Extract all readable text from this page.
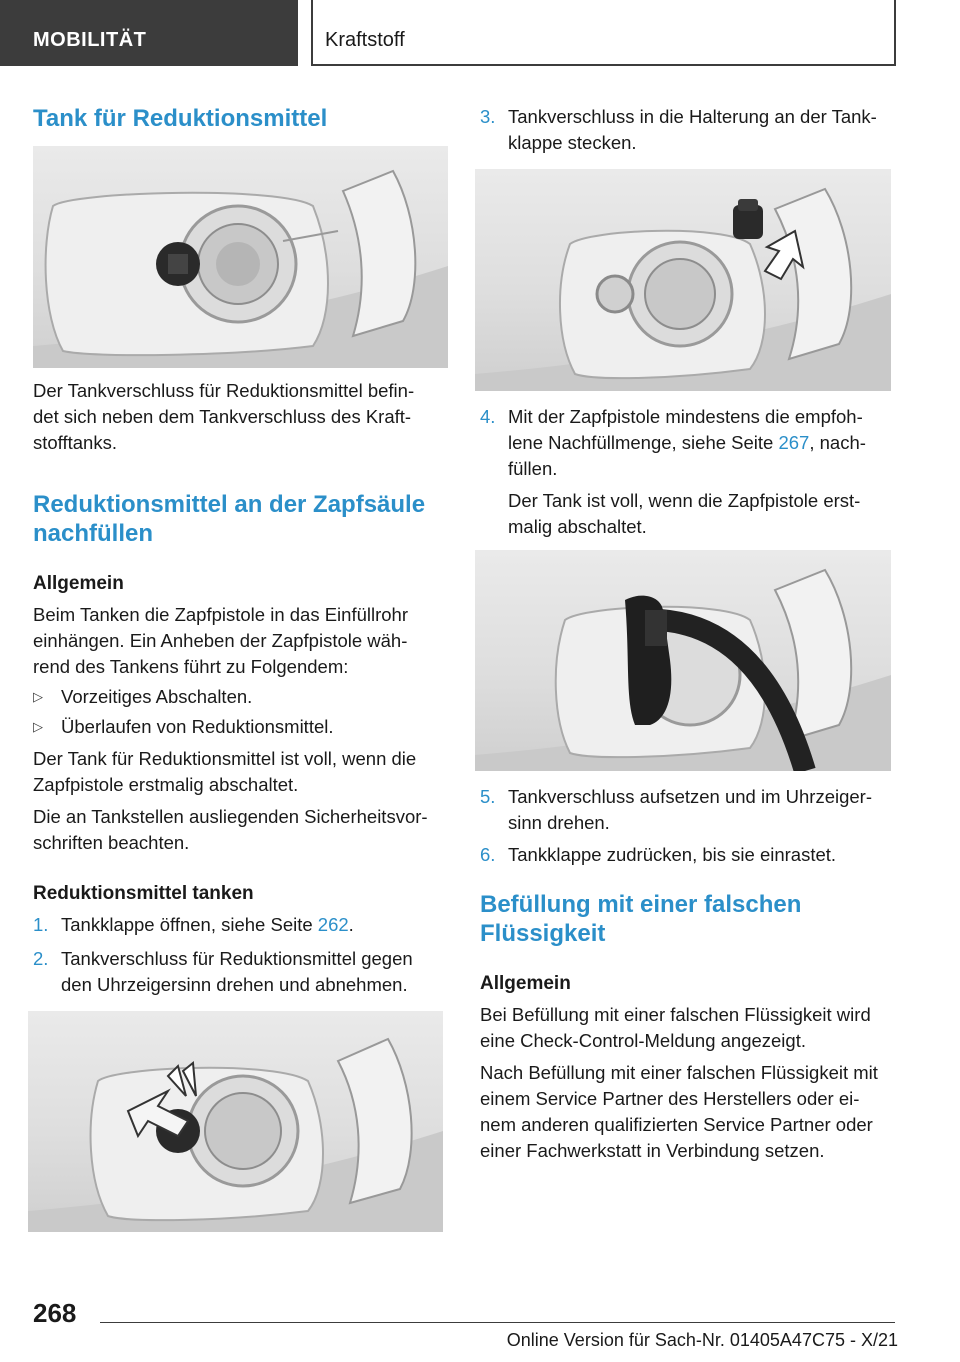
MOBILITÄT	Kraftstoff
Tank für Reduktionsmittel

Der Tankverschluss für Reduktionsmittel befin-
det sich neben dem Tankverschluss des Kraft-
stofftanks.

Reduktionsmittel an der Zapfsäule
nachfüllen
Allgemein

Beim Tanken die Zapfpistole in das Einfüllrohr
einhängen. Ein Anheben der Zapfpistole wäh-
rend des Tankens führt zu Folgendem:

▷ Vorzeitiges Abschalten.
▷ Überlaufen von Reduktionsmittel.

Der Tank für Reduktionsmittel ist voll, wenn die
Zapfpistole erstmalig abschaltet.

Die an Tankstellen ausliegenden Sicherheitsvor-
schriften beachten.

Reduktionsmittel tanken
1. Tankklappe öffnen, siehe Seite 262.
2. Tankverschluss für Reduktionsmittel gegen
den Uhrzeigersinn drehen und abnehmen.
3. Tankverschluss in die Halterung an der Tank-
klappe stecken.
4. Mit der Zapfpistole mindestens die empfoh-
lene Nachfüllmenge, siehe Seite 267, nach-
füllen.

Der Tank ist voll, wenn die Zapfpistole erst-
malig abschaltet.

5. Tankverschluss aufsetzen und im Uhrzeiger-
sinn drehen.
6. Tankklappe zudrücken, bis sie einrastet.
Befüllung mit einer falschen
Flüssigkeit
Allgemein

Bei Befüllung mit einer falschen Flüssigkeit wird
eine Check-Control-Meldung angezeigt.

Nach Befüllung mit einer falschen Flüssigkeit mit
einem Service Partner des Herstellers oder ei-
nem anderen qualifizierten Service Partner oder
einer Fachwerkstatt in Verbindung setzen.

268
Online Version für Sach-Nr. 01405A47C75 - X/21
